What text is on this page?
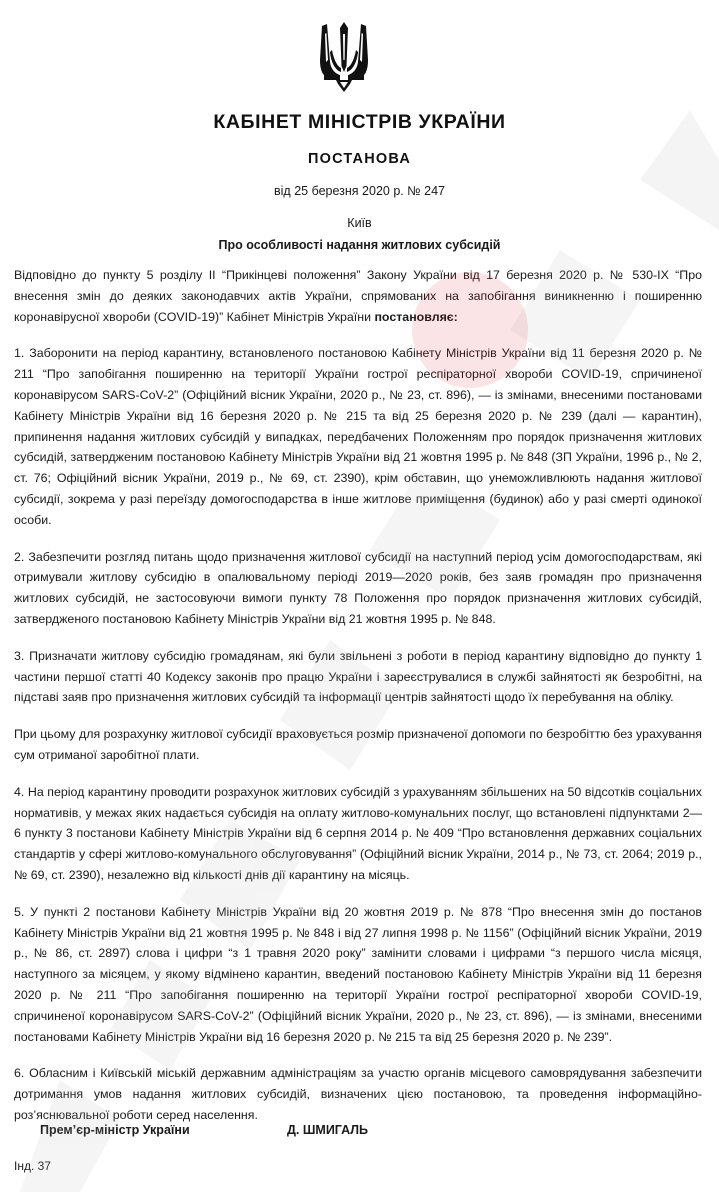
КАБІНЕТ МІНІСТРІВ УКРАЇНИ
ПОСТАНОВА
від 25 березня 2020 р. № 247
Київ
Про особливості надання житлових субсидій

Відповідно до пункту 5 розділу II “Прикінцеві положення” Закону України від 17 березня 2020 р. № 530-IX “Про внесення змін до деяких законодавчих актів України, спрямованих на запобігання виникненню і поширенню коронавірусної хвороби (COVID-19)” Кабінет Міністрів України постановляє:

1. Заборонити на період карантину, встановленого постановою Кабінету Міністрів України від 11 березня 2020 р. № 211 “Про запобігання поширенню на території України гострої респіраторної хвороби COVID-19, спричиненої коронавірусом SARS-CoV-2” (Офіційний вісник України, 2020 р., № 23, ст. 896), — із змінами, внесеними постановами Кабінету Міністрів України від 16 березня 2020 р. № 215 та від 25 березня 2020 р. № 239 (далі — карантин), припинення надання житлових субсидій у випадках, передбачених Положенням про порядок призначення житлових субсидій, затвердженим постановою Кабінету Міністрів України від 21 жовтня 1995 р. № 848 (ЗП України, 1996 р., № 2, ст. 76; Офіційний вісник України, 2019 р., № 69, ст. 2390), крім обставин, що унеможливлюють надання житлової субсидії, зокрема у разі переїзду домогосподарства в інше житлове приміщення (будинок) або у разі смерті одинокої особи.

2. Забезпечити розгляд питань щодо призначення житлової субсидії на наступний період усім домогосподарствам, які отримували житлову субсидію в опалювальному періоді 2019—2020 років, без заяв громадян про призначення житлових субсидій, не застосовуючи вимоги пункту 78 Положення про порядок призначення житлових субсидій, затвердженого постановою Кабінету Міністрів України від 21 жовтня 1995 р. № 848.

3. Призначати житлову субсидію громадянам, які були звільнені з роботи в період карантину відповідно до пункту 1 частини першої статті 40 Кодексу законів про працю України і зареєструвалися в службі зайнятості як безробітні, на підставі заяв про призначення житлових субсидій та інформації центрів зайнятості щодо їх перебування на обліку.

При цьому для розрахунку житлової субсидії враховується розмір призначеної допомоги по безробіттю без урахування сум отриманої заробітної плати.

4. На період карантину проводити розрахунок житлових субсидій з урахуванням збільшених на 50 відсотків соціальних нормативів, у межах яких надається субсидія на оплату житлово-комунальних послуг, що встановлені підпунктами 2—6 пункту 3 постанови Кабінету Міністрів України від 6 серпня 2014 р. № 409 “Про встановлення державних соціальних стандартів у сфері житлово-комунального обслуговування” (Офіційний вісник України, 2014 р., № 73, ст. 2064; 2019 р., № 69, ст. 2390), незалежно від кількості днів дії карантину на місяць.

5. У пункті 2 постанови Кабінету Міністрів України від 20 жовтня 2019 р. № 878 “Про внесення змін до постанов Кабінету Міністрів України від 21 жовтня 1995 р. № 848 і від 27 липня 1998 р. № 1156” (Офіційний вісник України, 2019 р., № 86, ст. 2897) слова і цифри “з 1 травня 2020 року” замінити словами і цифрами “з першого числа місяця, наступного за місяцем, у якому відмінено карантин, введений постановою Кабінету Міністрів України від 11 березня 2020 р. № 211 “Про запобігання поширенню на території України гострої респіраторної хвороби COVID-19, спричиненої коронавірусом SARS-CoV-2” (Офіційний вісник України, 2020 р., № 23, ст. 896), — із змінами, внесеними постановами Кабінету Міністрів України від 16 березня 2020 р. № 215 та від 25 березня 2020 р. № 239”.

6. Обласним і Київській міській державним адміністраціям за участю органів місцевого самоврядування забезпечити дотримання умов надання житлових субсидій, визначених цією постановою, та проведення інформаційно-роз’яснювальної роботи серед населення.

Прем’єр-міністр України	Д. ШМИГАЛЬ
Інд. 37
